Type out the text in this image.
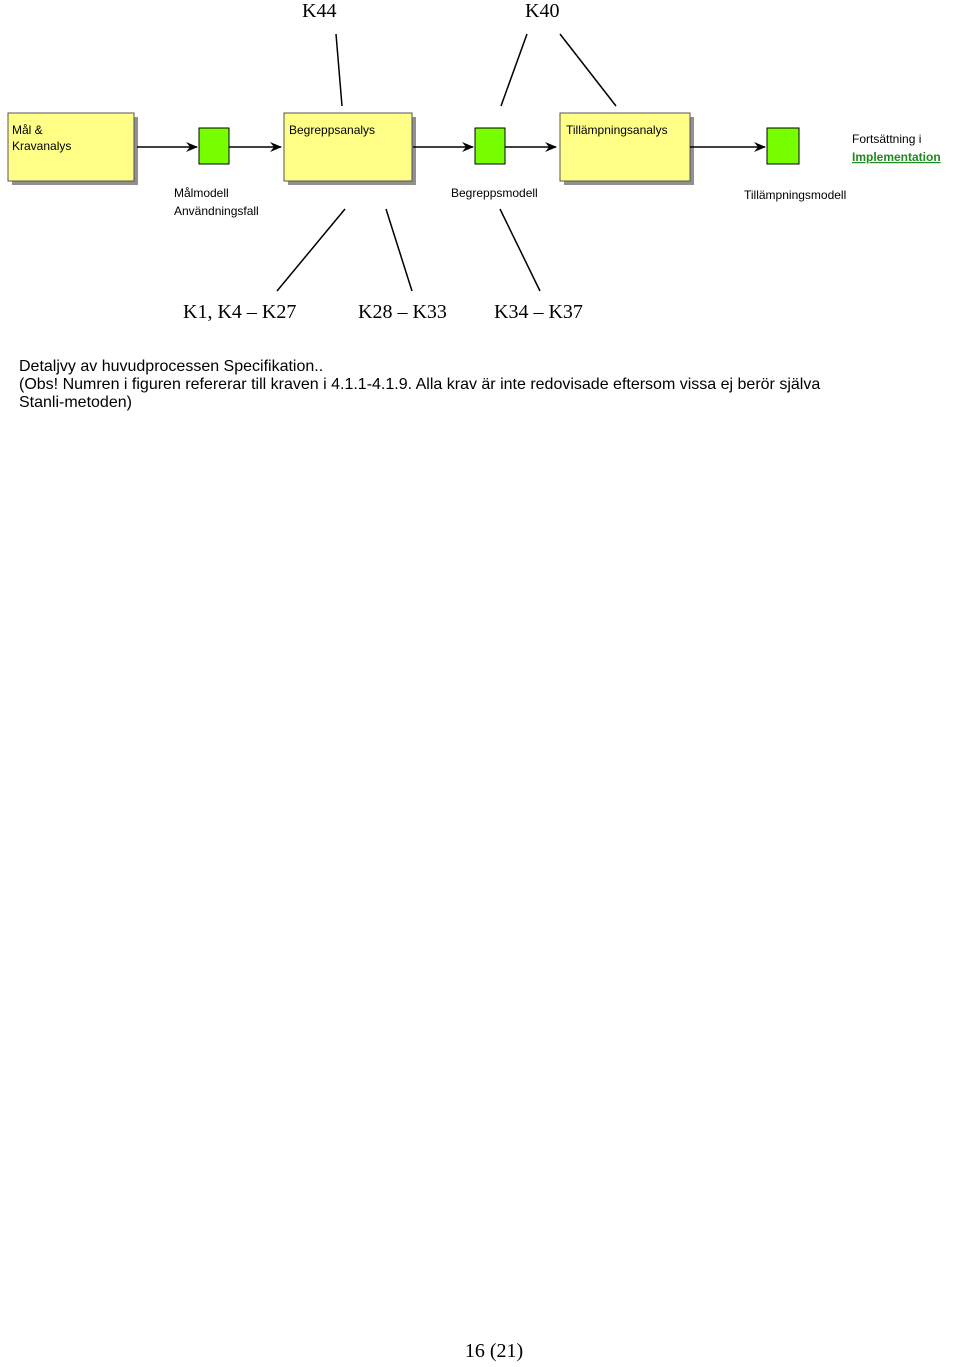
Mål &
Kravanalys
Begreppsanalys	Tillämpningsanalys
Fortsättning i
Implementation
Målmodell
Användningsfall
Begreppsmodell	Tillämpningsmodell
K44	K40
K1, K4 – K27	K28 – K33 K34 – K37
Detaljvy av huvudprocessen Specifikation..
(Obs! Numren i figuren refererar till kraven i 4.1.1-4.1.9. Alla krav är inte redovisade eftersom vissa ej berör själva
Stanli-metoden)
16 (21)
